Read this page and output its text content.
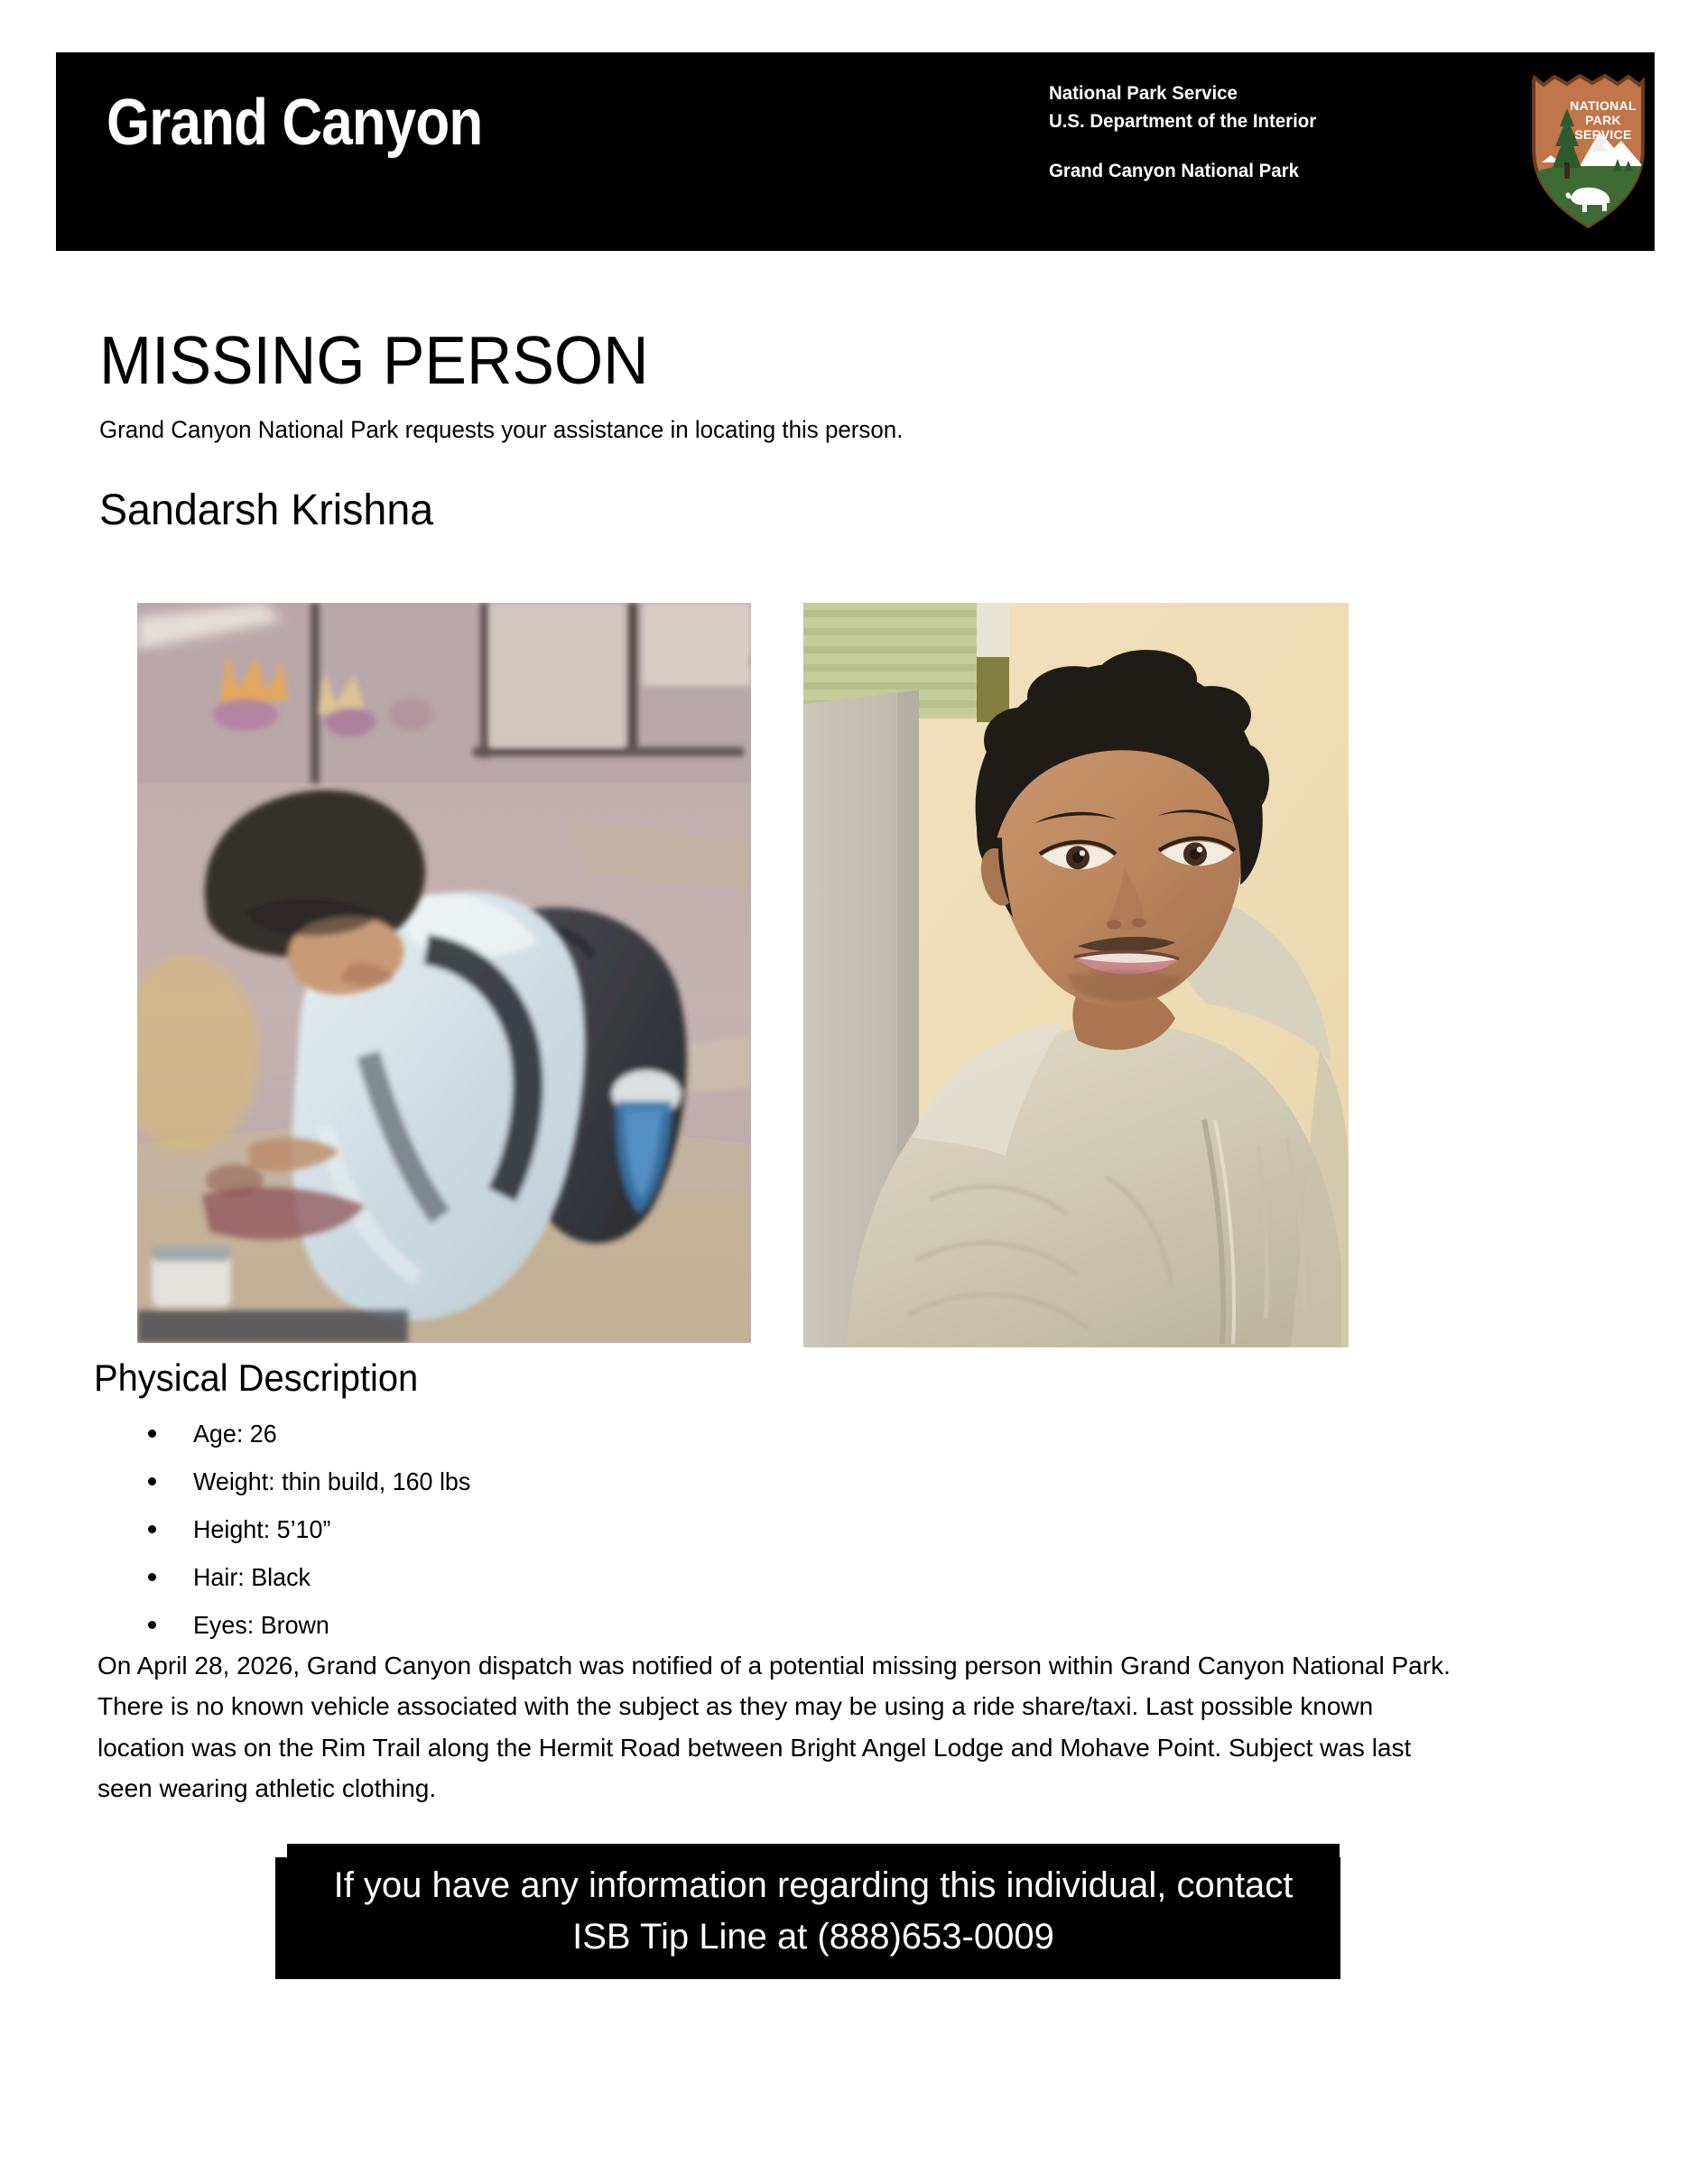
Grand Canyon	National Park Service
U.S. Department of the Interior
Grand Canyon National Park
NATIONAL
PARK
SERVICE
MISSING PERSON
Grand Canyon National Park requests your assistance in locating this person.
Sandarsh Krishna
Physical Description
Age: 26
Weight: thin build, 160 lbs
Height: 5’10”
Hair: Black
Eyes: Brown
On April 28, 2026, Grand Canyon dispatch was notified of a potential missing person within Grand Canyon National Park. There is no known vehicle associated with the subject as they may be using a ride share/taxi. Last possible known location was on the Rim Trail along the Hermit Road between Bright Angel Lodge and Mohave Point. Subject was last seen wearing athletic clothing.
If you have any information regarding this individual, contact ISB Tip Line at (888)653-0009
